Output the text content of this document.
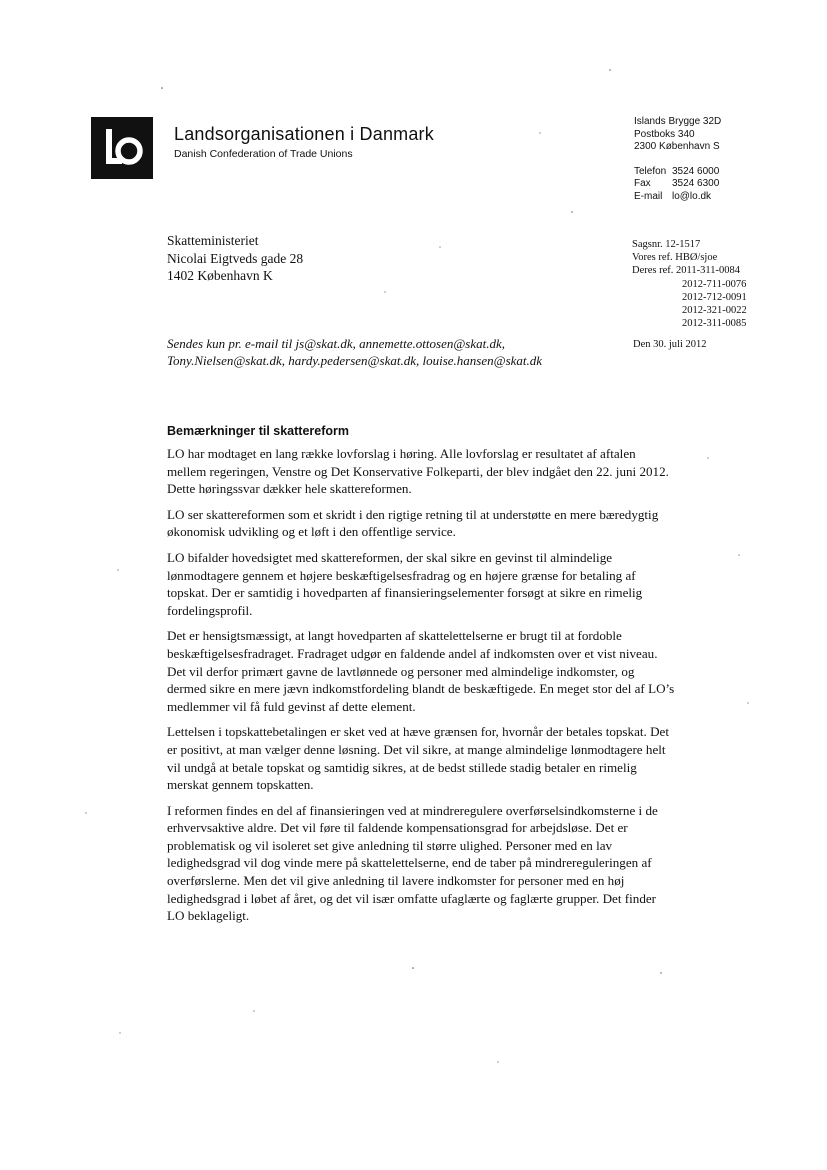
Landsorganisationen i Danmark
Danish Confederation of Trade Unions
Islands Brygge 32D
Postboks 340
2300 København S
Telefon 3524 6000
Fax 3524 6300
E-mail lo@lo.dk
Skatteministeriet
Nicolai Eigtveds gade 28
1402 København K
Sagsnr. 12-1517
Vores ref. HBØ/sjoe
Deres ref. 2011-311-0084
2012-711-0076
2012-712-0091
2012-321-0022
2012-311-0085
Sendes kun pr. e-mail til js@skat.dk, annemette.ottosen@skat.dk,
Tony.Nielsen@skat.dk, hardy.pedersen@skat.dk, louise.hansen@skat.dk
Den 30. juli 2012
Bemærkninger til skattereform

LO har modtaget en lang række lovforslag i høring. Alle lovforslag er resultatet af aftalen mellem regeringen, Venstre og Det Konservative Folkeparti, der blev indgået den 22. juni 2012. Dette høringssvar dækker hele skattereformen.

LO ser skattereformen som et skridt i den rigtige retning til at understøtte en mere bæredygtig økonomisk udvikling og et løft i den offentlige service.

LO bifalder hovedsigtet med skattereformen, der skal sikre en gevinst til almindelige lønmodtagere gennem et højere beskæftigelsesfradrag og en højere grænse for betaling af topskat. Der er samtidig i hovedparten af finansieringselementer forsøgt at sikre en rimelig fordelingsprofil.

Det er hensigtsmæssigt, at langt hovedparten af skattelettelserne er brugt til at fordoble beskæftigelsesfradraget. Fradraget udgør en faldende andel af indkomsten over et vist niveau. Det vil derfor primært gavne de lavtlønnede og personer med almindelige indkomster, og dermed sikre en mere jævn indkomstfordeling blandt de beskæftigede. En meget stor del af LO’s medlemmer vil få fuld gevinst af dette element.

Lettelsen i topskattebetalingen er sket ved at hæve grænsen for, hvornår der betales topskat. Det er positivt, at man vælger denne løsning. Det vil sikre, at mange almindelige lønmodtagere helt vil undgå at betale topskat og samtidig sikres, at de bedst stillede stadig betaler en rimelig merskat gennem topskatten.

I reformen findes en del af finansieringen ved at mindreregulere overførselsindkomsterne i de erhvervsaktive aldre. Det vil føre til faldende kompensationsgrad for arbejdsløse. Det er problematisk og vil isoleret set give anledning til større ulighed. Personer med en lav ledighedsgrad vil dog vinde mere på skattelettelserne, end de taber på mindrereguleringen af overførslerne. Men det vil give anledning til lavere indkomster for personer med en høj ledighedsgrad i løbet af året, og det vil især omfatte ufaglærte og faglærte grupper. Det finder LO beklageligt.
